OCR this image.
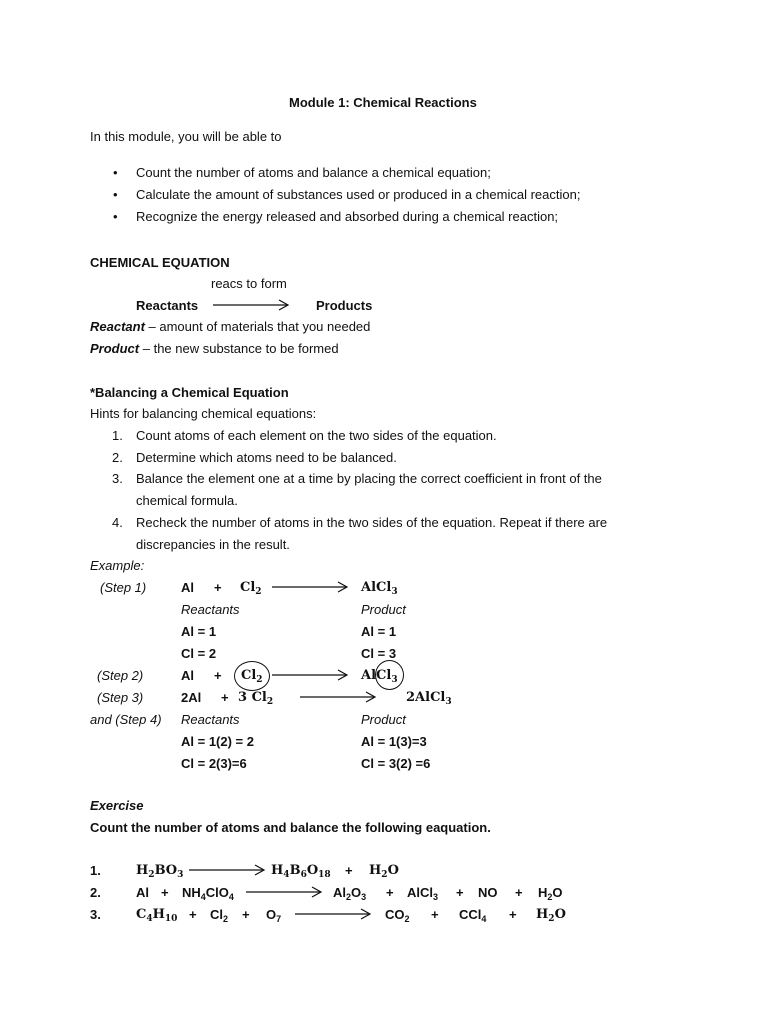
Module 1: Chemical Reactions
In this module, you will be able to
• Count the number of atoms and balance a chemical equation;
• Calculate the amount of substances used or produced in a chemical reaction;
• Recognize the energy released and absorbed during a chemical reaction;
CHEMICAL EQUATION
reacs to form
Reactants	Products
Reactant – amount of materials that you needed
Product – the new substance to be formed
*Balancing a Chemical Equation
Hints for balancing chemical equations:
1. Count atoms of each element on the two sides of the equation.
2. Determine which atoms need to be balanced.
3. Balance the element one at a time by placing the correct coefficient in front of the
chemical formula.
4. Recheck the number of atoms in the two sides of the equation. Repeat if there are
discrepancies in the result.
Example:
(Step 1)	$Al + Cl_2$	AlCl$_3$
Reactants	Product
Al = 1	Al = 1
Cl = 2	Cl = 3
(Step 2)	$Al + Cl_2$	AlCl$_3$
(Step 3)	2Al + 3 $Cl_2$	2AlCl$_3$
and (Step 4) Reactants	Product
Al = 1(2) = 2	Al = 1(3)=3
Cl = 2(3)=6	Cl = 3(2) =6
Exercise
Count the number of atoms and balance the following eaquation.
1.	$H_2BO_3$	$H_4B_6O_{18} + H_2O$
2.	$Al + NH_4ClO_4$	$Al_2O_3$ + AlCl$_3$ + NO + $H_2O$
3.	$C_4H_{10} + Cl_2 + O_7$	$CO_2 + CCl_4 + H_2O$
